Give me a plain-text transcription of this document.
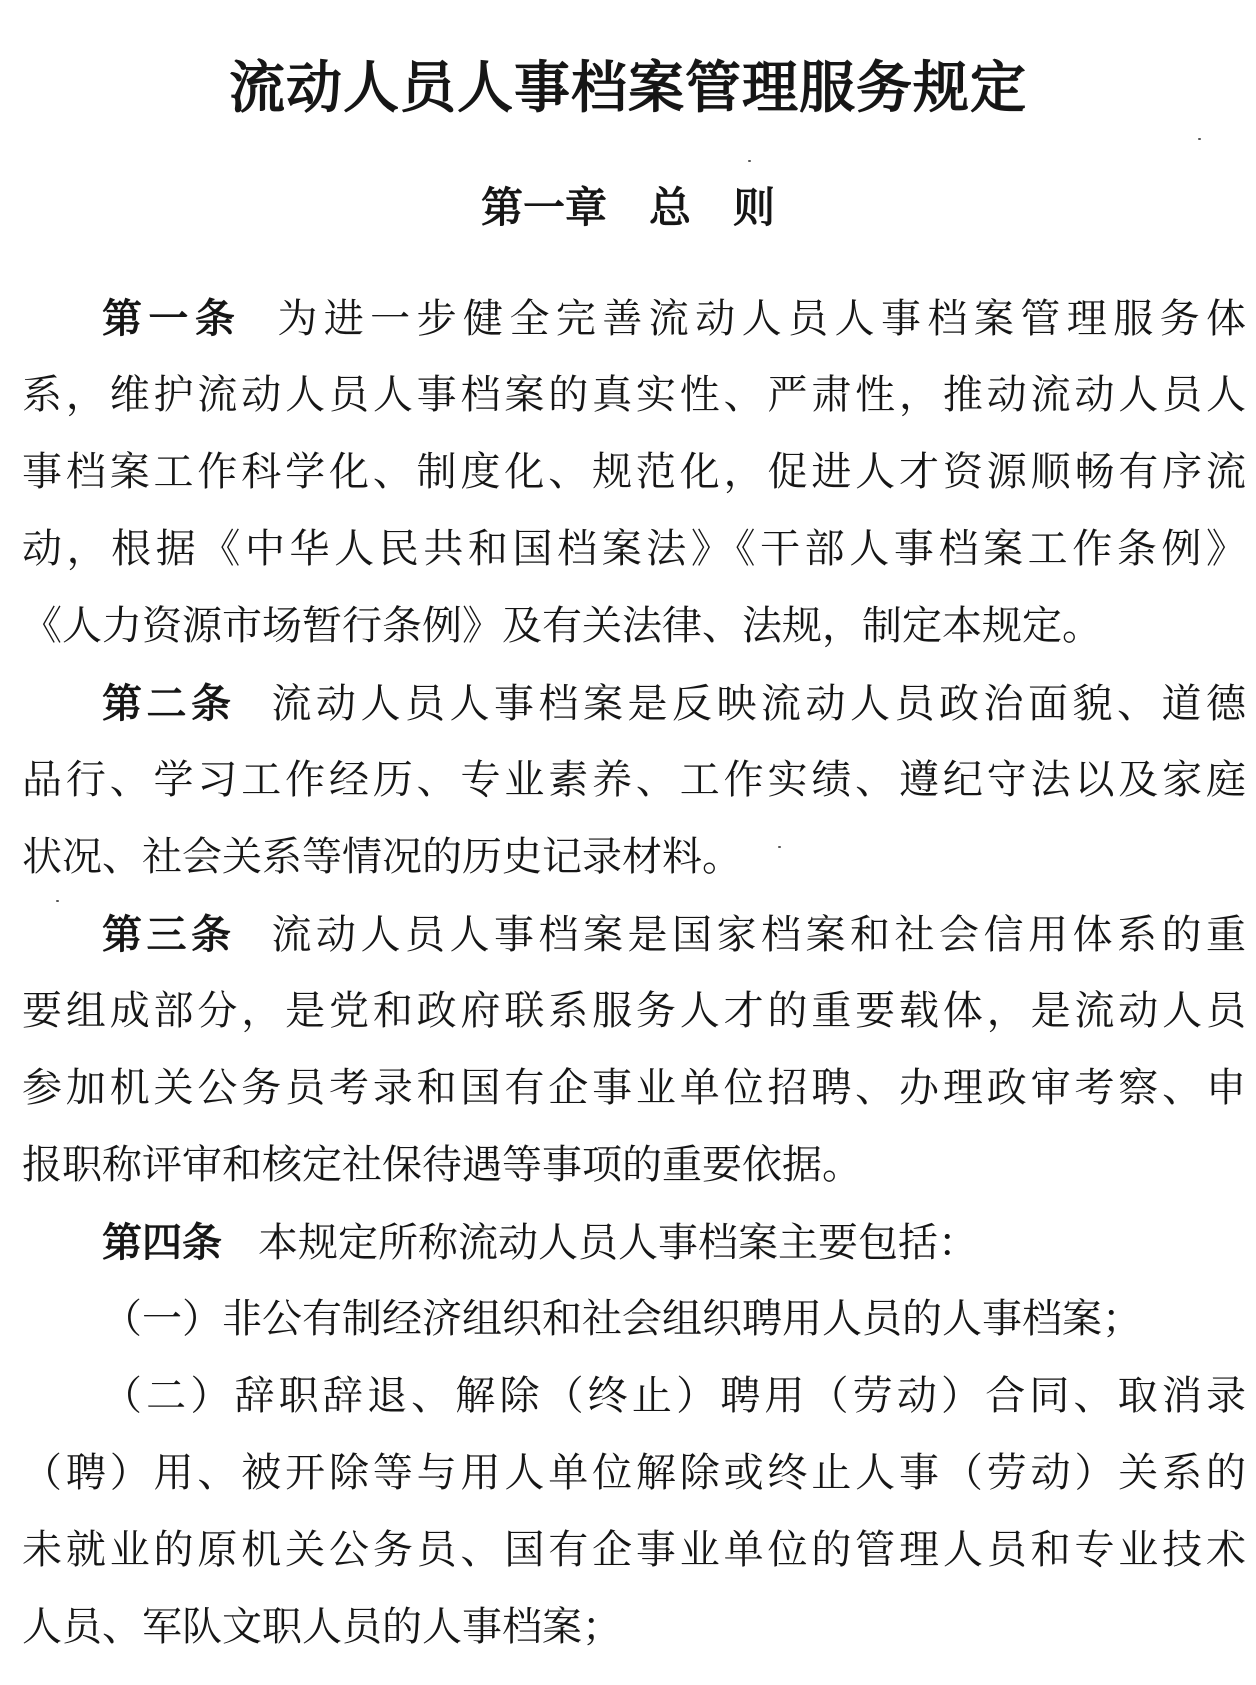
流动人员人事档案管理服务规定
第一章　总　则
第一条 为进一步健全完善流动人员人事档案管理服务体
系，维护流动人员人事档案的真实性、严肃性，推动流动人员人
事档案工作科学化、制度化、规范化，促进人才资源顺畅有序流
动，根据《中华人民共和国档案法》《干部人事档案工作条例》
《人力资源市场暂行条例》及有关法律、法规，制定本规定。
第二条 流动人员人事档案是反映流动人员政治面貌、道德
品行、学习工作经历、专业素养、工作实绩、遵纪守法以及家庭
状况、社会关系等情况的历史记录材料。
第三条 流动人员人事档案是国家档案和社会信用体系的重
要组成部分，是党和政府联系服务人才的重要载体，是流动人员
参加机关公务员考录和国有企事业单位招聘、办理政审考察、申
报职称评审和核定社保待遇等事项的重要依据。
第四条 本规定所称流动人员人事档案主要包括：
（一）非公有制经济组织和社会组织聘用人员的人事档案；
（二）辞职辞退、解除（终止）聘用（劳动）合同、取消录
（聘）用、被开除等与用人单位解除或终止人事（劳动）关系的
未就业的原机关公务员、国有企事业单位的管理人员和专业技术
人员、军队文职人员的人事档案；
